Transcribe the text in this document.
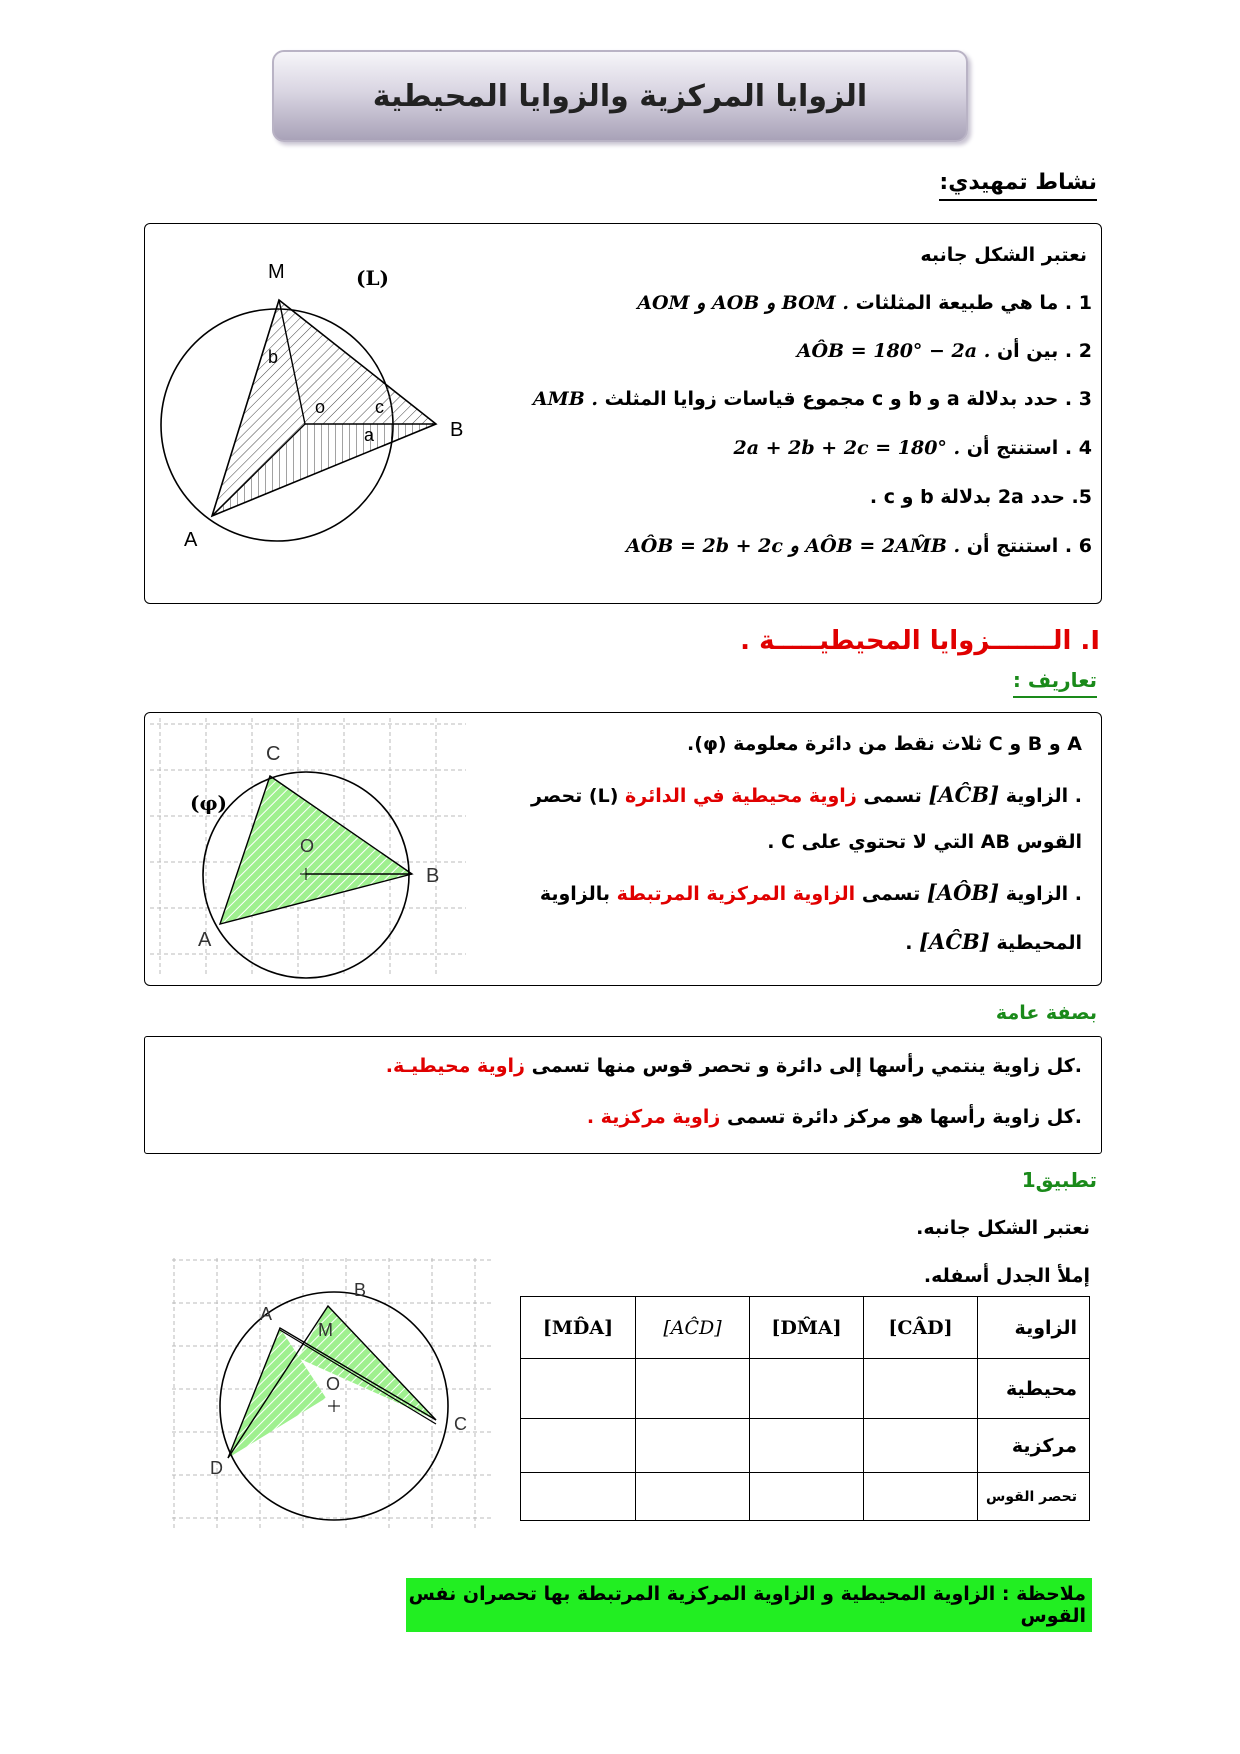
الزوايا المركزية والزوايا المحيطية
نشاط تمهيدي:
M
B
A
o
b
c
a
(L)
نعتبر الشكل جانبه
1 . ما هي طبيعة المثلثات AOM و AOB و BOM .
2 . بين أن AÔB = 180° − 2a .
3 . حدد بدلالة a و b و c مجموع قياسات زوايا المثلث AMB .
4 . استنتج أن 2a + 2b + 2c = 180° .
5. حدد 2a بدلالة b و c .
6 . استنتج أن AÔB = 2b + 2c و AÔB = 2AM̂B .
I. الـــــــزوايا المحيطيـــــة .
تعاريف :
C
O
B
A
(φ)
A و B و C ثلاث نقط من دائرة معلومة (φ).
. الزاوية [AĈB] تسمى زاوية محيطية في الدائرة (L) تحصر
القوس AB التي لا تحتوي على C .
. الزاوية [AÔB] تسمى الزاوية المركزية المرتبطة بالزاوية
المحيطية [AĈB] .
بصفة عامة
.كل زاوية ينتمي رأسها إلى دائرة و تحصر قوس منها تسمى زاوية محيطيـة.
.كل زاوية رأسها هو مركز دائرة تسمى زاوية مركزية .
تطبيق1
نعتبر الشكل جانبه.
إملأ الجدل أسفله.
A
B
M
O
C
D
[MD̂A]	[AĈD]	[DM̂A]	[CÂD]	الزاوية
				محيطية
				مركزية
				تحصر القوس
ملاحظة : الزاوية المحيطية و الزاوية المركزية المرتبطة بها تحصران نفس القوس
